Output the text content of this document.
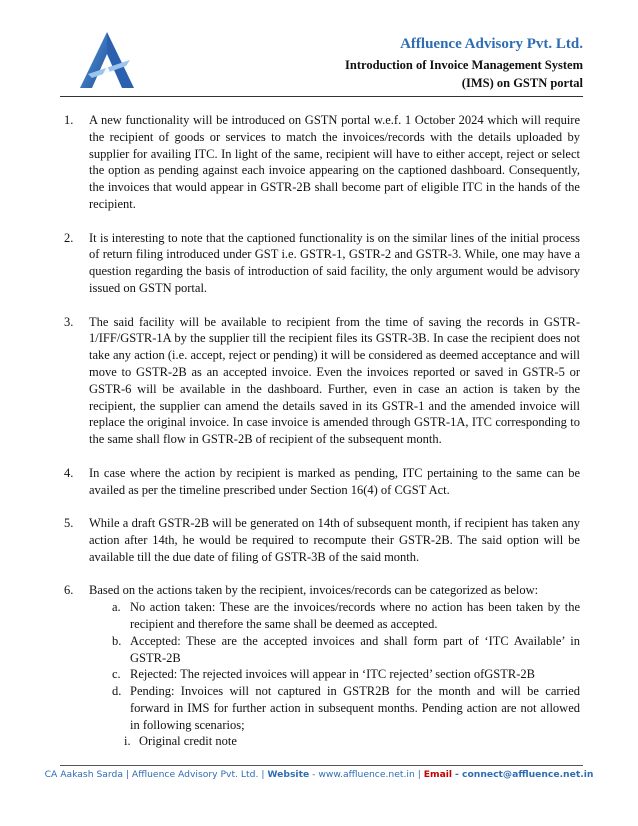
Affluence Advisory Pvt. Ltd.
Introduction of Invoice Management System
(IMS) on GSTN portal
1. A new functionality will be introduced on GSTN portal w.e.f. 1 October 2024 which will require the recipient of goods or services to match the invoices/records with the details uploaded by supplier for availing ITC. In light of the same, recipient will have to either accept, reject or select the option as pending against each invoice appearing on the captioned dashboard. Consequently, the invoices that would appear in GSTR-2B shall become part of eligible ITC in the hands of the recipient.
2. It is interesting to note that the captioned functionality is on the similar lines of the initial process of return filing introduced under GST i.e. GSTR-1, GSTR-2 and GSTR-3. While, one may have a question regarding the basis of introduction of said facility, the only argument would be advisory issued on GSTN portal.
3. The said facility will be available to recipient from the time of saving the records in GSTR-1/IFF/GSTR-1A by the supplier till the recipient files its GSTR-3B. In case the recipient does not take any action (i.e. accept, reject or pending) it will be considered as deemed acceptance and will move to GSTR-2B as an accepted invoice. Even the invoices reported or saved in GSTR-5 or GSTR-6 will be available in the dashboard. Further, even in case an action is taken by the recipient, the supplier can amend the details saved in its GSTR-1 and the amended invoice will replace the original invoice. In case invoice is amended through GSTR-1A, ITC corresponding to the same shall flow in GSTR-2B of recipient of the subsequent month.
4. In case where the action by recipient is marked as pending, ITC pertaining to the same can be availed as per the timeline prescribed under Section 16(4) of CGST Act.
5. While a draft GSTR-2B will be generated on 14th of subsequent month, if recipient has taken any action after 14th, he would be required to recompute their GSTR-2B. The said option will be available till the due date of filing of GSTR-3B of the said month.
6. Based on the actions taken by the recipient, invoices/records can be categorized as below:
a. No action taken: These are the invoices/records where no action has been taken by the recipient and therefore the same shall be deemed as accepted.
b. Accepted: These are the accepted invoices and shall form part of ‘ITC Available’ in GSTR-2B
c. Rejected: The rejected invoices will appear in ‘ITC rejected’ section ofGSTR-2B
d. Pending: Invoices will not captured in GSTR2B for the month and will be carried forward in IMS for further action in subsequent months. Pending action are not allowed in following scenarios;
i. Original credit note
CA Aakash Sarda | Affluence Advisory Pvt. Ltd. | Website - www.affluence.net.in | Email - connect@affluence.net.in
